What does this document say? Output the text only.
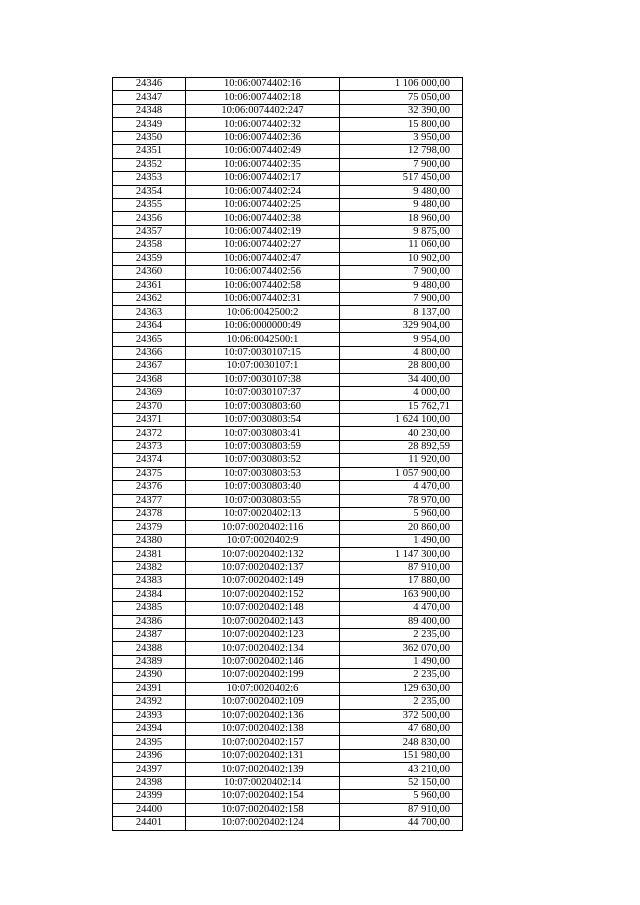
24346	10:06:0074402:16	1 106 000,00
24347	10:06:0074402:18	75 050,00
24348	10:06:0074402:247	32 390,00
24349	10:06:0074402:32	15 800,00
24350	10:06:0074402:36	3 950,00
24351	10:06:0074402:49	12 798,00
24352	10:06:0074402:35	7 900,00
24353	10:06:0074402:17	517 450,00
24354	10:06:0074402:24	9 480,00
24355	10:06:0074402:25	9 480,00
24356	10:06:0074402:38	18 960,00
24357	10:06:0074402:19	9 875,00
24358	10:06:0074402:27	11 060,00
24359	10:06:0074402:47	10 902,00
24360	10:06:0074402:56	7 900,00
24361	10:06:0074402:58	9 480,00
24362	10:06:0074402:31	7 900,00
24363	10:06:0042500:2	8 137,00
24364	10:06:0000000:49	329 904,00
24365	10:06:0042500:1	9 954,00
24366	10:07:0030107:15	4 800,00
24367	10:07:0030107:1	28 800,00
24368	10:07:0030107:38	34 400,00
24369	10:07:0030107:37	4 000,00
24370	10:07:0030803:60	15 762,71
24371	10:07:0030803:54	1 624 100,00
24372	10:07:0030803:41	40 230,00
24373	10:07:0030803:59	28 892,59
24374	10:07:0030803:52	11 920,00
24375	10:07:0030803:53	1 057 900,00
24376	10:07:0030803:40	4 470,00
24377	10:07:0030803:55	78 970,00
24378	10:07:0020402:13	5 960,00
24379	10:07:0020402:116	20 860,00
24380	10:07:0020402:9	1 490,00
24381	10:07:0020402:132	1 147 300,00
24382	10:07:0020402:137	87 910,00
24383	10:07:0020402:149	17 880,00
24384	10:07:0020402:152	163 900,00
24385	10:07:0020402:148	4 470,00
24386	10:07:0020402:143	89 400,00
24387	10:07:0020402:123	2 235,00
24388	10:07:0020402:134	362 070,00
24389	10:07:0020402:146	1 490,00
24390	10:07:0020402:199	2 235,00
24391	10:07:0020402:6	129 630,00
24392	10:07:0020402:109	2 235,00
24393	10:07:0020402:136	372 500,00
24394	10:07:0020402:138	47 680,00
24395	10:07:0020402:157	248 830,00
24396	10:07:0020402:131	151 980,00
24397	10:07:0020402:139	43 210,00
24398	10:07:0020402:14	52 150,00
24399	10:07:0020402:154	5 960,00
24400	10:07:0020402:158	87 910,00
24401	10:07:0020402:124	44 700,00
